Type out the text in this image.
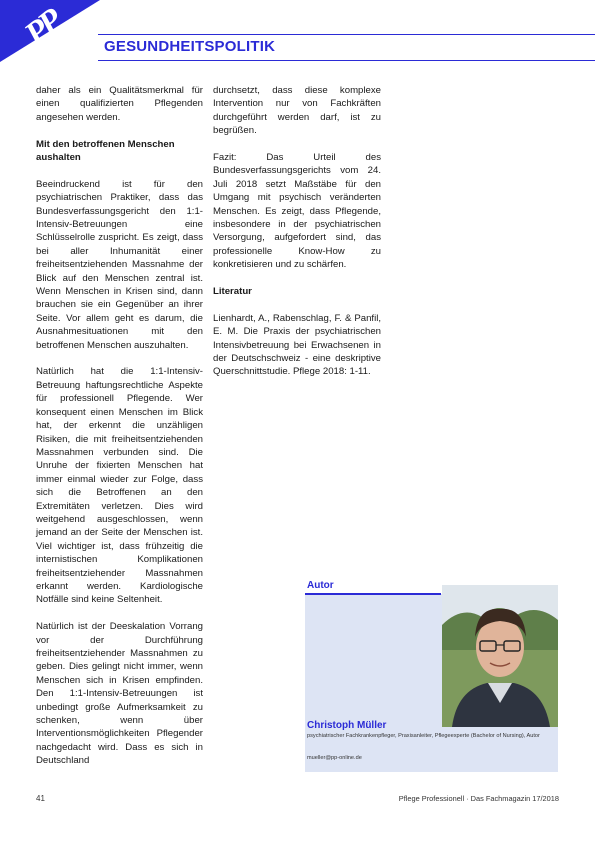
PP GESUNDHEITSPOLITIK

daher als ein Qualitätsmerkmal für einen qualifizierten Pflegenden angesehen werden.

Mit den betroffenen Menschen aushalten

Beeindruckend ist für den psychiatrischen Praktiker, dass das Bundesverfassungsgericht den 1:1-Intensiv-Betreuungen eine Schlüsselrolle zuspricht. Es zeigt, dass bei aller Inhumanität einer freiheitsentziehenden Massnahme der Blick auf den Menschen zentral ist. Wenn Menschen in Krisen sind, dann brauchen sie ein Gegenüber an ihrer Seite. Vor allem geht es darum, die Ausnahmesituationen mit den betroffenen Menschen auszuhalten.

Natürlich hat die 1:1-Intensiv-Betreuung haftungsrechtliche Aspekte für professionell Pflegende. Wer konsequent einen Menschen im Blick hat, der erkennt die unzähligen Risiken, die mit freiheitsentziehenden Massnahmen verbunden sind. Die Unruhe der fixierten Menschen hat immer einmal wieder zur Folge, dass sich die Betroffenen an den Extremitäten verletzen. Dies wird weitgehend ausgeschlossen, wenn jemand an der Seite der Menschen ist. Viel wichtiger ist, dass frühzeitig die internistischen Komplikationen freiheitsentziehender Massnahmen erkannt werden. Kardiologische Notfälle sind keine Seltenheit.

Natürlich ist der Deeskalation Vorrang vor der Durchführung freiheitsentziehender Massnahmen zu geben. Dies gelingt nicht immer, wenn Menschen sich in Krisen empfinden. Den 1:1-Intensiv-Betreuungen ist unbedingt große Aufmerksamkeit zu schenken, wenn über Interventionsmöglichkeiten Pflegender nachgedacht wird. Dass es sich in Deutschland

durchsetzt, dass diese komplexe Intervention nur von Fachkräften durchgeführt werden darf, ist zu begrüßen.

Fazit: Das Urteil des Bundesverfassungsgerichts vom 24. Juli 2018 setzt Maßstäbe für den Umgang mit psychisch veränderten Menschen. Es zeigt, dass Pflegende, insbesondere in der psychiatrischen Versorgung, aufgefordert sind, das professionelle Know-How zu konkretisieren und zu schärfen.

Literatur

Lienhardt, A., Rabenschlag, F. & Panfil, E. M. Die Praxis der psychiatrischen Intensivbetreuung bei Erwachsenen in der Deutschschweiz - eine deskriptive Querschnittstudie. Pflege 2018: 1-11.

Autor
Christoph Müller
psychiatrischer Fachkrankenpfleger, Praxisanleiter, Pflegeexperte (Bachelor of Nursing), Autor
mueller@pp-online.de
41	Pflege Professionell · Das Fachmagazin 17/2018
